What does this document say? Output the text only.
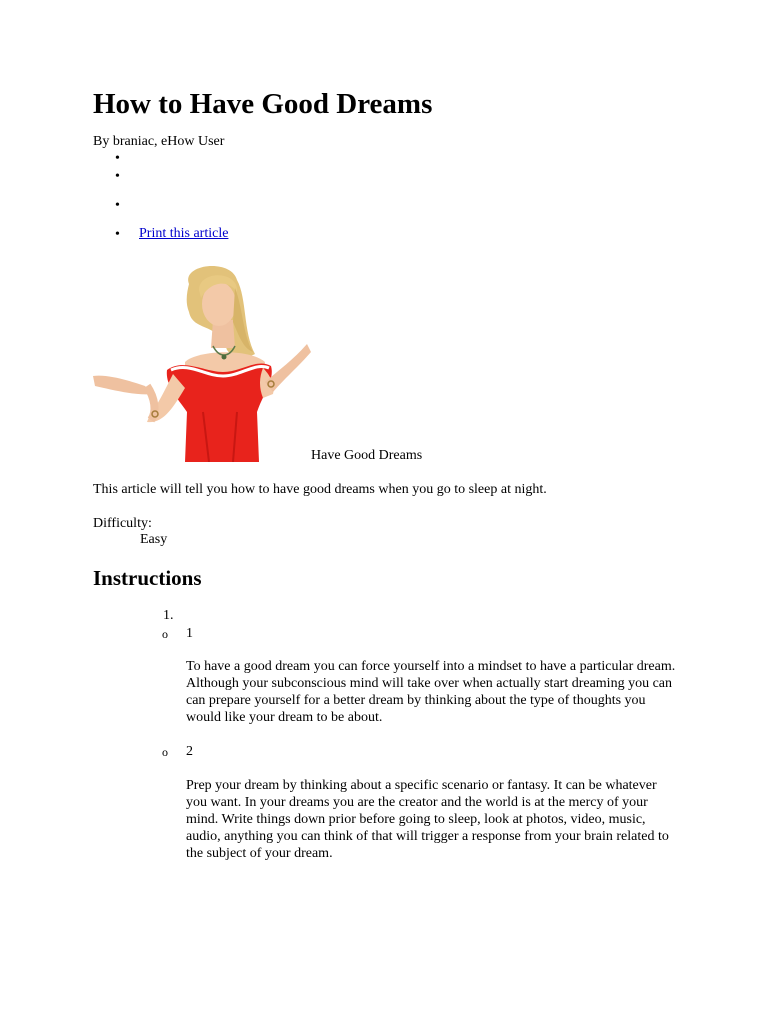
How to Have Good Dreams
By braniac, eHow User
•
•
•
• Print this article
Have Good Dreams
This article will tell you how to have good dreams when you go to sleep at night.
Difficulty:
Easy
Instructions
1.
o 1
To have a good dream you can force yourself into a mindset to have a particular dream. Although your subconscious mind will take over when actually start dreaming you can can prepare yourself for a better dream by thinking about the type of thoughts you would like your dream to be about.
o 2
Prep your dream by thinking about a specific scenario or fantasy. It can be whatever you want. In your dreams you are the creator and the world is at the mercy of your mind. Write things down prior before going to sleep, look at photos, video, music, audio, anything you can think of that will trigger a response from your brain related to the subject of your dream.
